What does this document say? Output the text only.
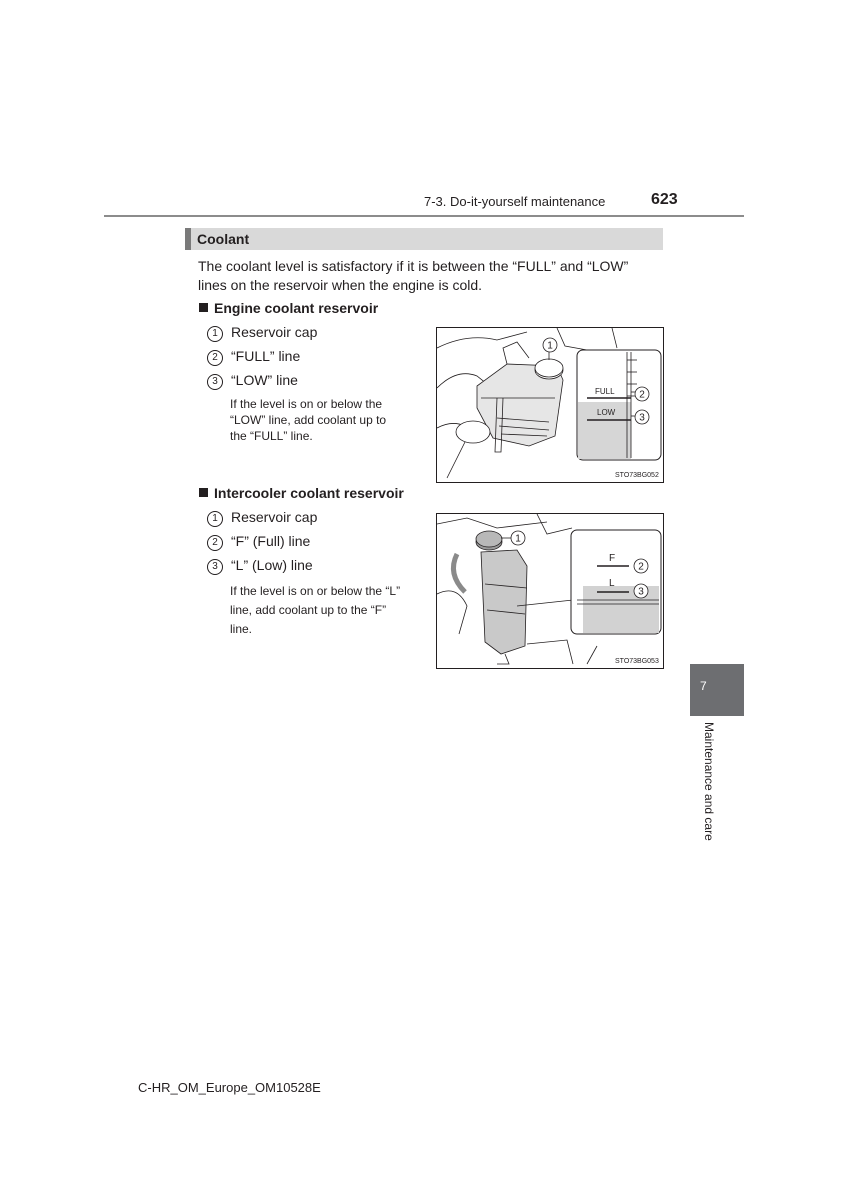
7-3. Do-it-yourself maintenance	623
Coolant
The coolant level is satisfactory if it is between the “FULL” and “LOW”
lines on the reservoir when the engine is cold.
Engine coolant reservoir
1 Reservoir cap
2 “FULL” line
3 “LOW” line
If the level is on or below the
“LOW” line, add coolant up to
the “FULL” line.
FULL
LOW
1
2
3
STO73BG052
Intercooler coolant reservoir
1 Reservoir cap
2 “F” (Full) line
3 “L” (Low) line
If the level is on or below the “L”
line, add coolant up to the “F”
line.
F
L
1
2
3
STO73BG053
7
Maintenance and care
C-HR_OM_Europe_OM10528E
